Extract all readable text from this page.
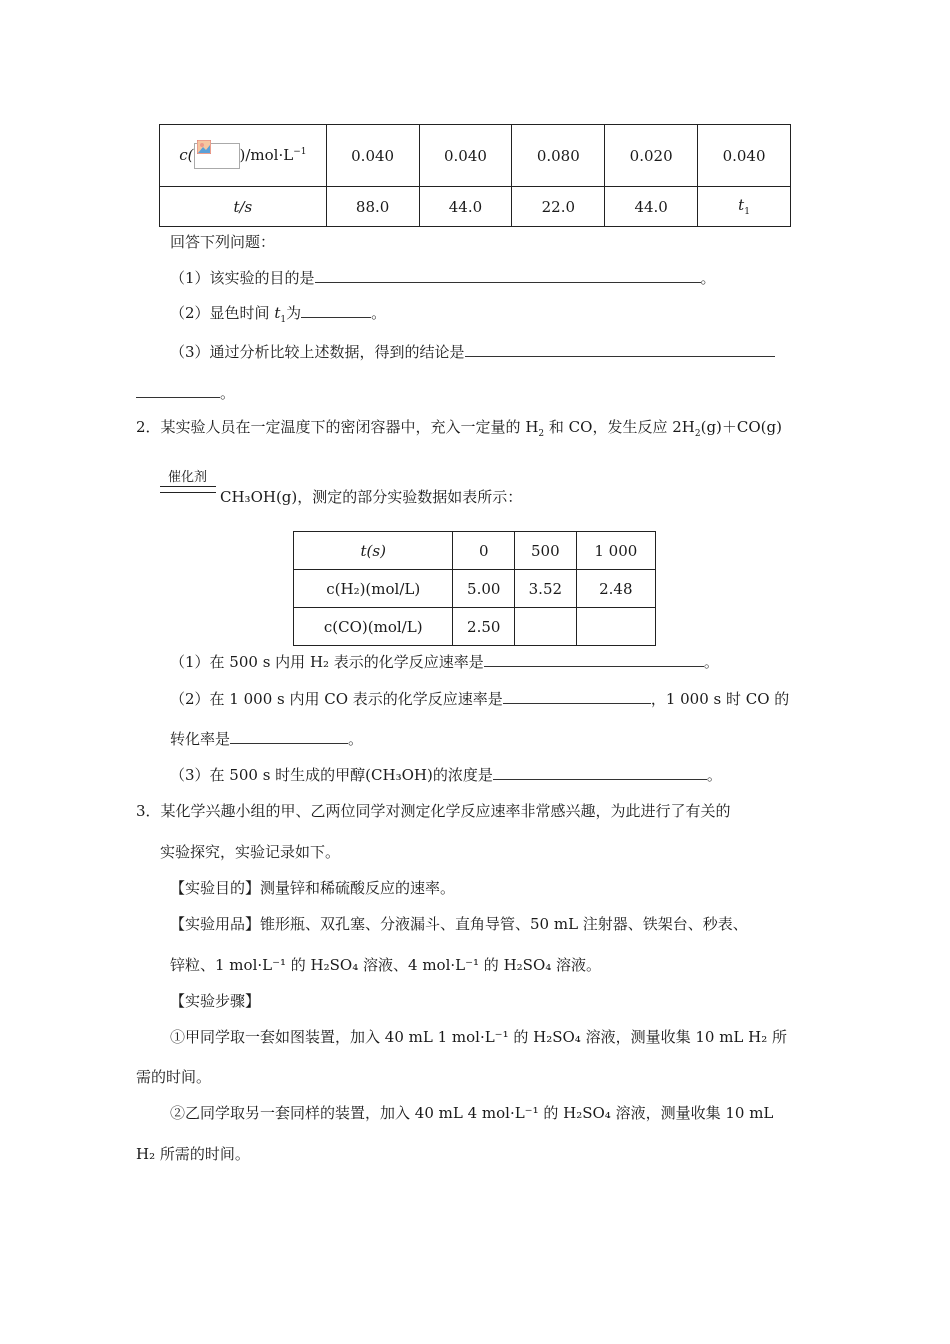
c( )$/mol\cdot L^{-1}$	0.040	0.040	0.080	0.020	0.040
t/s	88.0	44.0	22.0	44.0	$t_1$
回答下列问题：
（1）该实验的目的是	。
（2）显色时间 $t_1$为	。
（3）通过分析比较上述数据，得到的结论是
。
2．某实验人员在一定温度下的密闭容器中，充入一定量的 $H_2$ 和 CO，发生反应 $2H_2(g)+CO(g)$
催化剂
CH₃OH(g)，测定的部分实验数据如表所示：
t(s)	0	500	1 000
c(H₂)(mol/L)	5.00	3.52	2.48
c(CO)(mol/L)	2.50		
（1）在 500 s 内用 H₂ 表示的化学反应速率是	。
（2）在 1 000 s 内用 CO 表示的化学反应速率是	，1 000 s 时 CO 的
转化率是	。
（3）在 500 s 时生成的甲醇(CH₃OH)的浓度是	。
3．某化学兴趣小组的甲、乙两位同学对测定化学反应速率非常感兴趣，为此进行了有关的
实验探究，实验记录如下。
【实验目的】测量锌和稀硫酸反应的速率。
【实验用品】锥形瓶、双孔塞、分液漏斗、直角导管、50 mL 注射器、铁架台、秒表、
锌粒、1 mol·L⁻¹ 的 H₂SO₄ 溶液、4 mol·L⁻¹ 的 H₂SO₄ 溶液。
【实验步骤】
①甲同学取一套如图装置，加入 40 mL 1 mol·L⁻¹ 的 H₂SO₄ 溶液，测量收集 10 mL H₂ 所
需的时间。
②乙同学取另一套同样的装置，加入 40 mL 4 mol·L⁻¹ 的 H₂SO₄ 溶液，测量收集 10 mL
H₂ 所需的时间。
